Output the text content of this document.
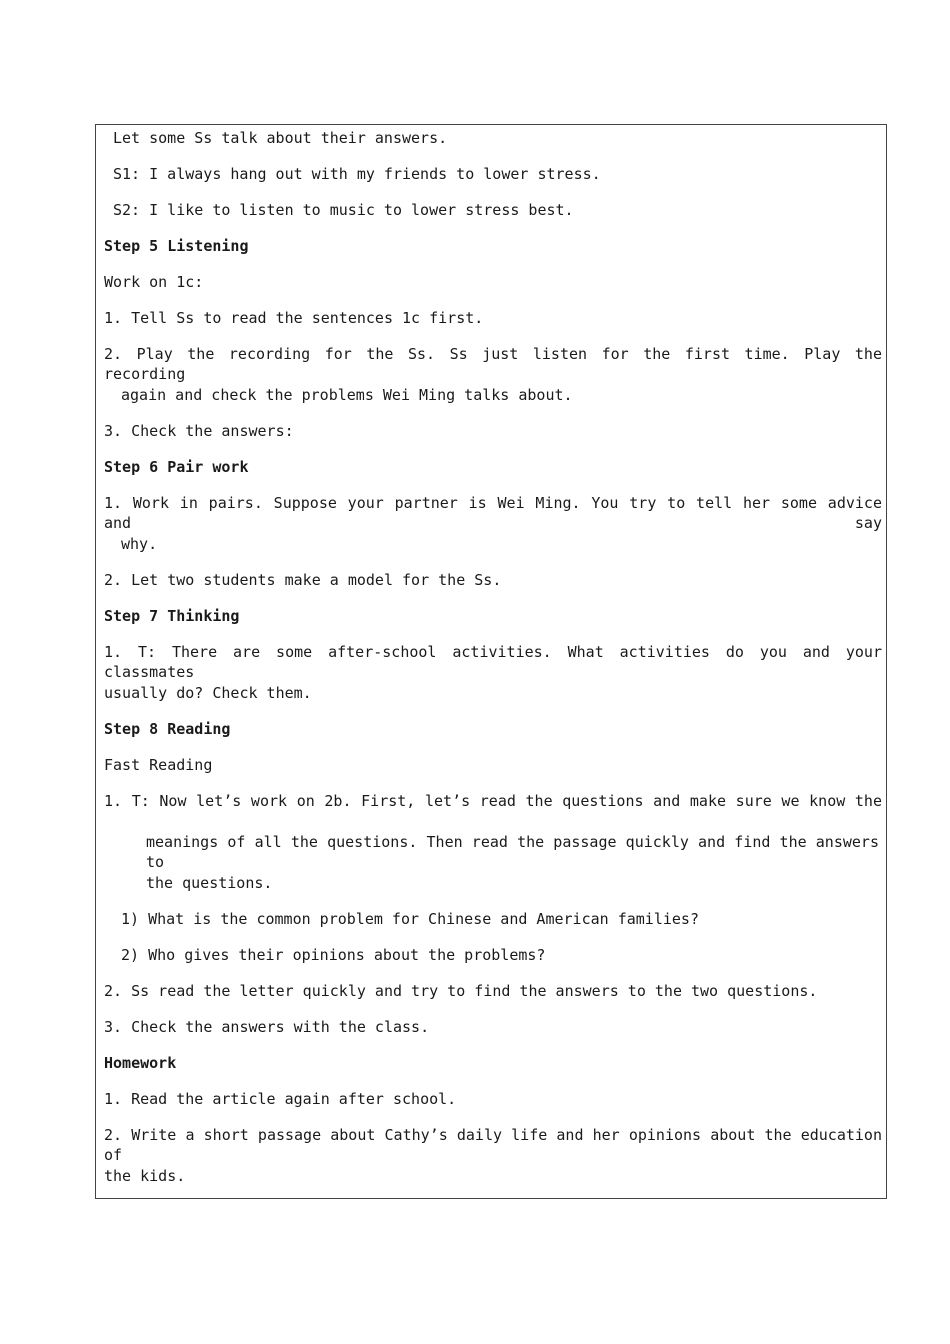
Let some Ss talk about their answers.
S1: I always hang out with my friends to lower stress.
S2: I like to listen to music to lower stress best.
Step 5 Listening
Work on 1c:
1. Tell Ss to read the sentences 1c first.
2. Play the recording for the Ss. Ss just listen for the first time. Play the recording
again and check the problems Wei Ming talks about.
3. Check the answers:
Step 6 Pair work
1. Work in pairs. Suppose your partner is Wei Ming. You try to tell her some advice and say
why.
2. Let two students make a model for the Ss.
Step 7 Thinking
1. T: There are some after-school activities. What activities do you and your classmates
usually do? Check them.
Step 8 Reading
Fast Reading
1. T: Now let’s work on 2b. First, let’s read the questions and make sure we know the
meanings of all the questions. Then read the passage quickly and find the answers to
the questions.
1) What is the common problem for Chinese and American families?
2) Who gives their opinions about the problems?
2. Ss read the letter quickly and try to find the answers to the two questions.
3. Check the answers with the class.
Homework
1. Read the article again after school.
2. Write a short passage about Cathy’s daily life and her opinions about the education of
the kids.
